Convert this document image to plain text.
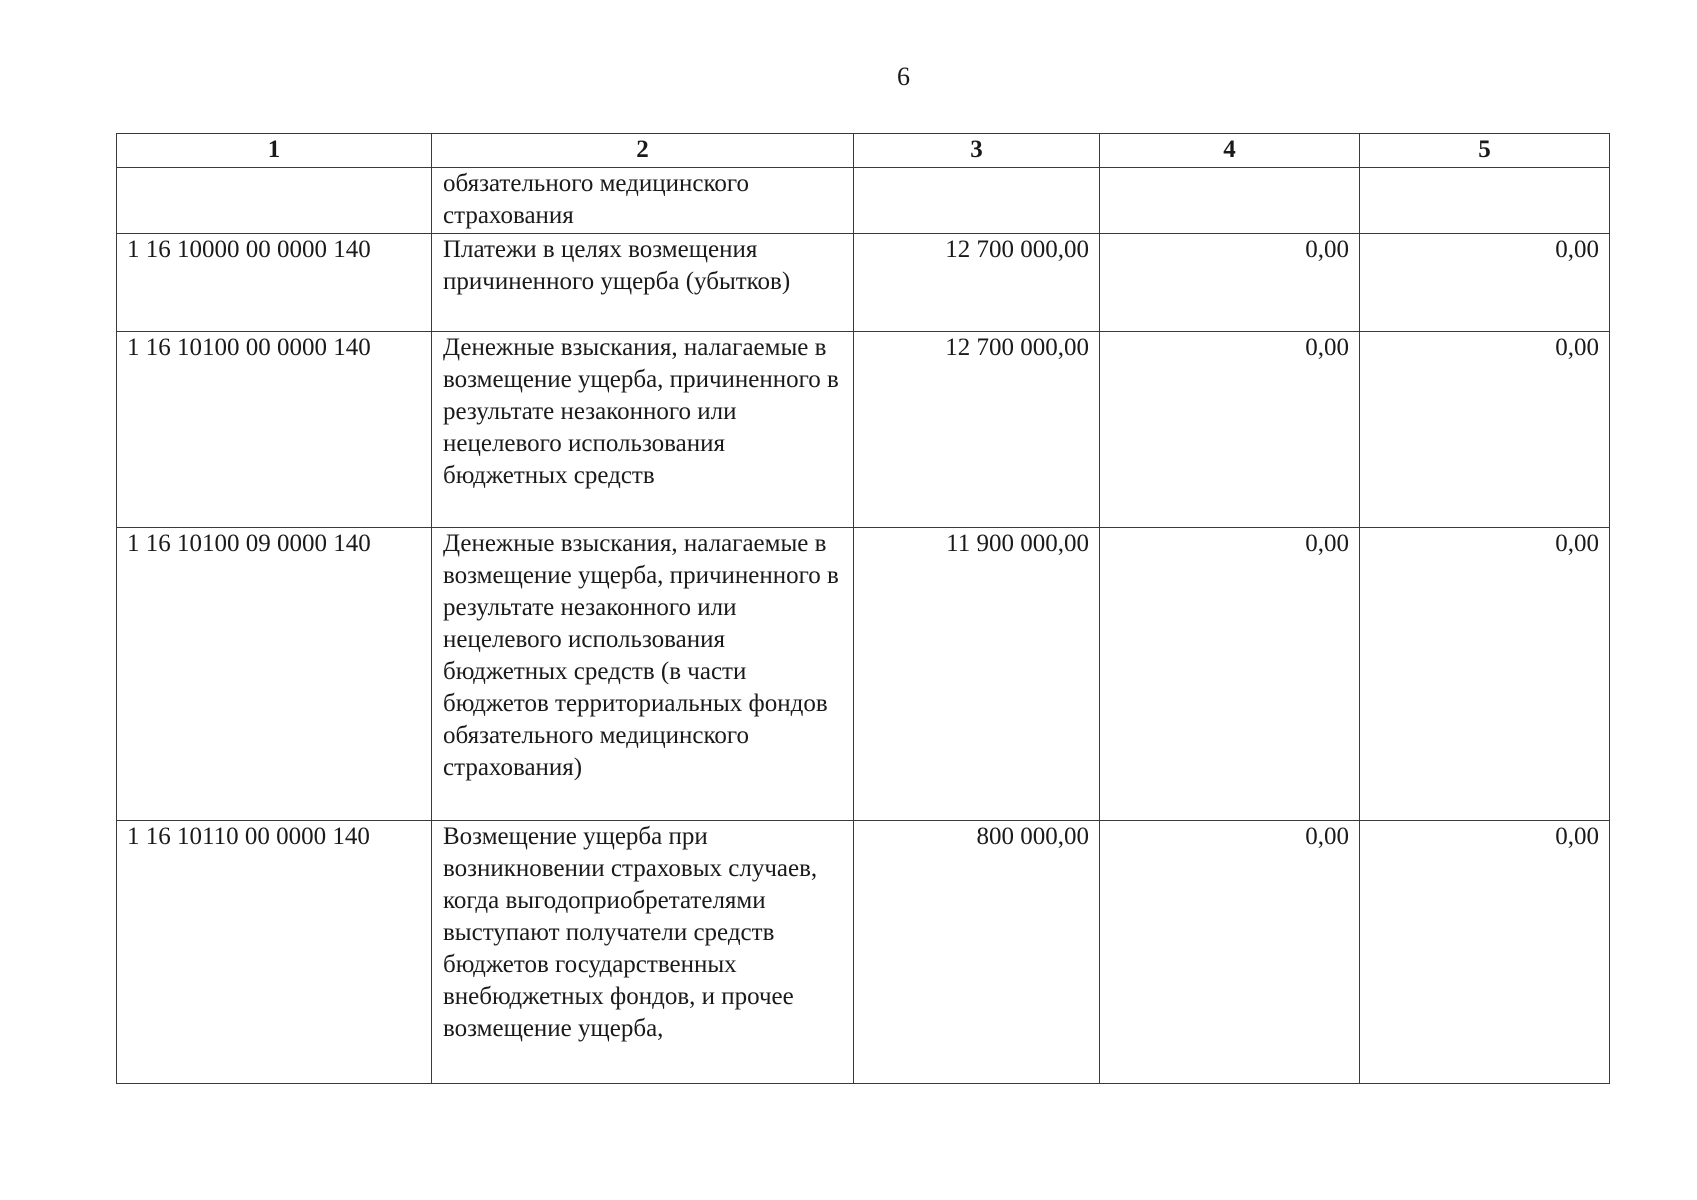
6
1	2	3	4	5
	обязательного медицинского страхования			
1 16 10000 00 0000 140	Платежи в целях возмещения причиненного ущерба (убытков)	12 700 000,00	0,00	0,00
1 16 10100 00 0000 140	Денежные взыскания, налагаемые в возмещение ущерба, причиненного в результате незаконного или нецелевого использования бюджетных средств	12 700 000,00	0,00	0,00
1 16 10100 09 0000 140	Денежные взыскания, налагаемые в возмещение ущерба, причиненного в результате незаконного или нецелевого использования бюджетных средств (в части бюджетов территориальных фондов обязательного медицинского страхования)	11 900 000,00	0,00	0,00
1 16 10110 00 0000 140	Возмещение ущерба при возникновении страховых случаев, когда выгодоприобретателями выступают получатели средств бюджетов государственных внебюджетных фондов, и прочее возмещение ущерба,	800 000,00	0,00	0,00
